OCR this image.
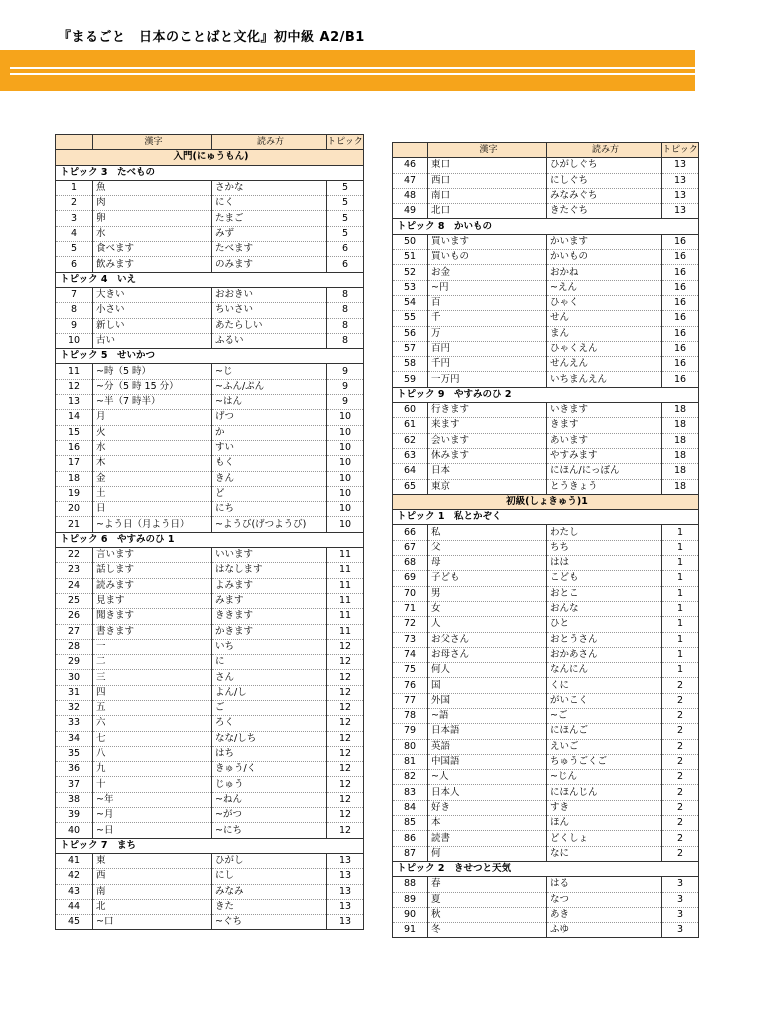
『まるごと　日本のことばと文化』初中級 A2/B1
	漢字	読み方	トピック
入門(にゅうもん)			
トピック 3　たべもの			
1	魚	さかな	5
2	肉	にく	5
3	卵	たまご	5
4	水	みず	5
5	食べます	たべます	6
6	飲みます	のみます	6
トピック 4　いえ			
7	大きい	おおきい	8
8	小さい	ちいさい	8
9	新しい	あたらしい	8
10	古い	ふるい	8
トピック 5　せいかつ			
11	~時（5 時）	~じ	9
12	~分（5 時 15 分）	~ふん/ぷん	9
13	~半（7 時半）	~はん	9
14	月	げつ	10
15	火	か	10
16	水	すい	10
17	木	もく	10
18	金	きん	10
19	土	ど	10
20	日	にち	10
21	~よう日（月よう日）	~ようび(げつようび)	10
トピック 6　やすみのひ 1			
22	言います	いいます	11
23	話します	はなします	11
24	読みます	よみます	11
25	見ます	みます	11
26	聞きます	ききます	11
27	書きます	かきます	11
28	一	いち	12
29	二	に	12
30	三	さん	12
31	四	よん/し	12
32	五	ご	12
33	六	ろく	12
34	七	なな/しち	12
35	八	はち	12
36	九	きゅう/く	12
37	十	じゅう	12
38	~年	~ねん	12
39	~月	~がつ	12
40	~日	~にち	12
トピック 7　まち			
41	東	ひがし	13
42	西	にし	13
43	南	みなみ	13
44	北	きた	13
45	~口	~ぐち	13
	漢字	読み方	トピック
46	東口	ひがしぐち	13
47	西口	にしぐち	13
48	南口	みなみぐち	13
49	北口	きたぐち	13
トピック 8　かいもの			
50	買います	かいます	16
51	買いもの	かいもの	16
52	お金	おかね	16
53	~円	~えん	16
54	百	ひゃく	16
55	千	せん	16
56	万	まん	16
57	百円	ひゃくえん	16
58	千円	せんえん	16
59	一万円	いちまんえん	16
トピック 9　やすみのひ 2			
60	行きます	いきます	18
61	来ます	きます	18
62	会います	あいます	18
63	休みます	やすみます	18
64	日本	にほん/にっぽん	18
65	東京	とうきょう	18
初級(しょきゅう)1			
トピック 1　私とかぞく			
66	私	わたし	1
67	父	ちち	1
68	母	はは	1
69	子ども	こども	1
70	男	おとこ	1
71	女	おんな	1
72	人	ひと	1
73	お父さん	おとうさん	1
74	お母さん	おかあさん	1
75	何人	なんにん	1
76	国	くに	2
77	外国	がいこく	2
78	~語	~ご	2
79	日本語	にほんご	2
80	英語	えいご	2
81	中国語	ちゅうごくご	2
82	~人	~じん	2
83	日本人	にほんじん	2
84	好き	すき	2
85	本	ほん	2
86	読書	どくしょ	2
87	何	なに	2
トピック 2　きせつと天気			
88	春	はる	3
89	夏	なつ	3
90	秋	あき	3
91	冬	ふゆ	3
